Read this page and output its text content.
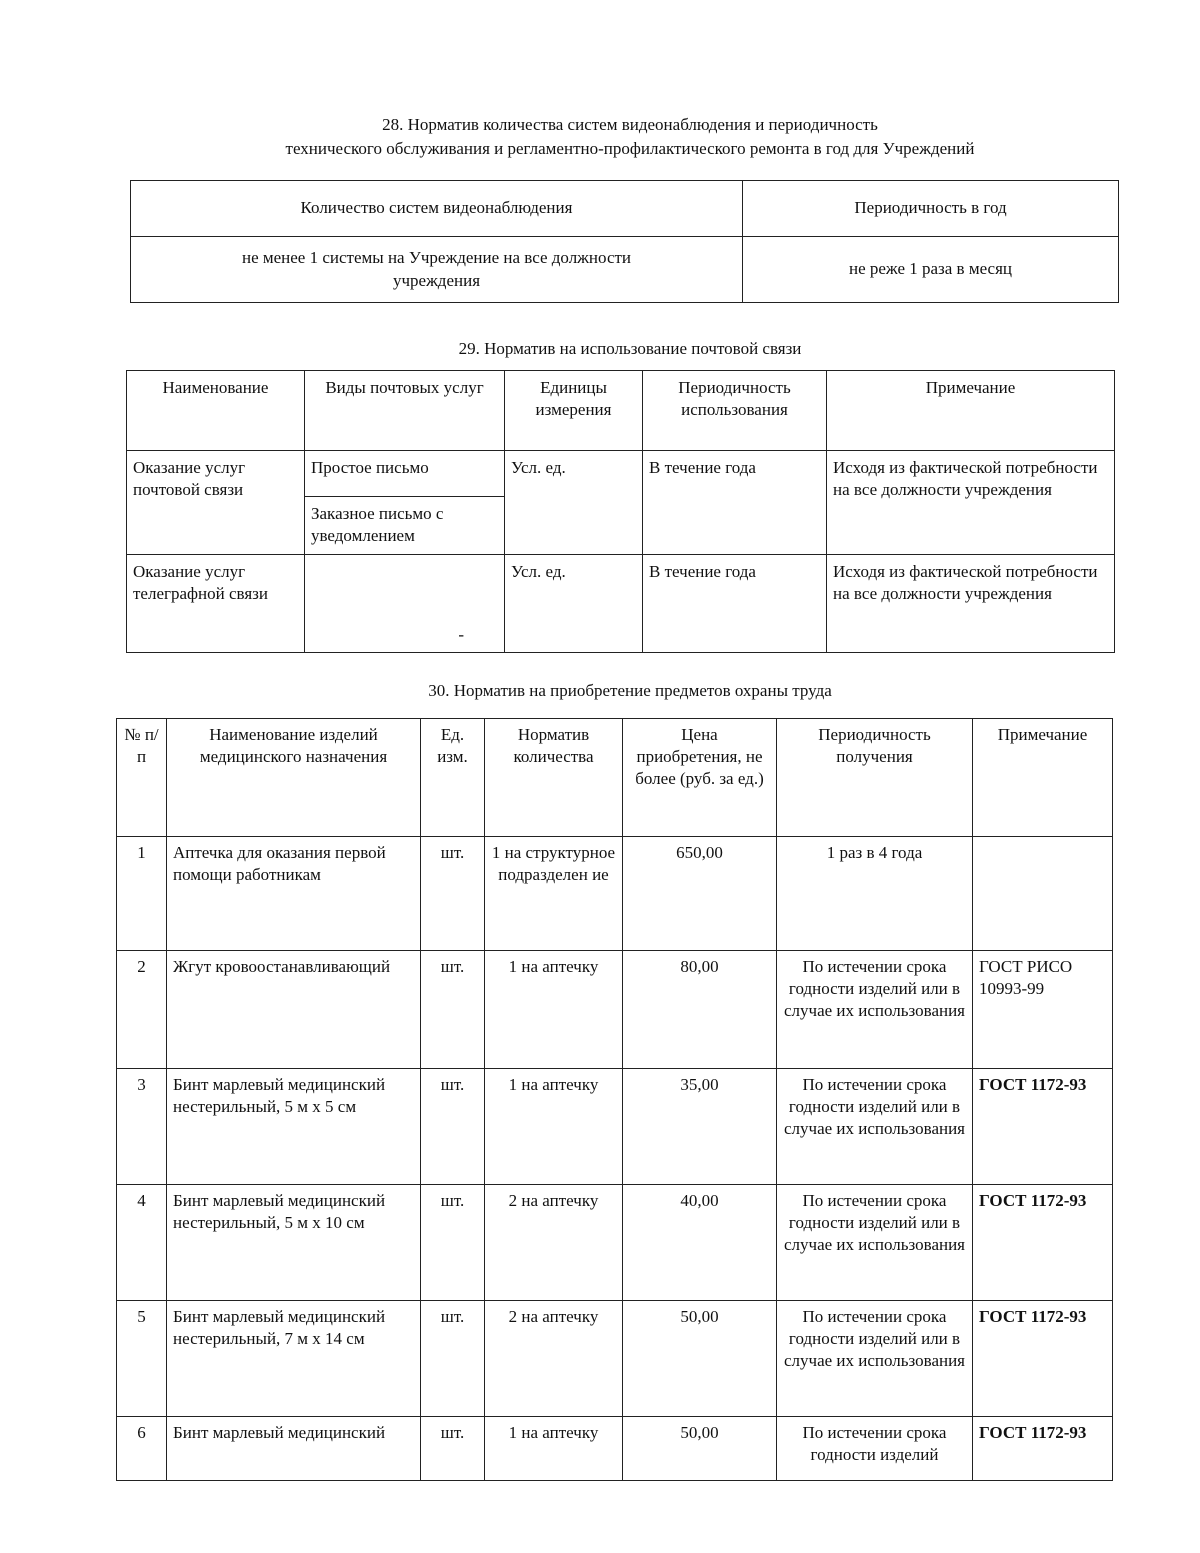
28. Норматив количества систем видеонаблюдения и периодичность
технического обслуживания и регламентно-профилактического ремонта в год для Учреждений
Количество систем видеонаблюдения	Периодичность в год
не менее 1 системы на Учреждение на все должности учреждения	не реже 1 раза в месяц
29. Норматив на использование почтовой связи
Наименование	Виды почтовых услуг	Единицы измерения	Периодичность использования	Примечание
Оказание услуг почтовой связи	Простое письмо	Усл. ед.	В течение года	Исходя из фактической потребности на все должности учреждения
	Заказное письмо с уведомлением			
Оказание услуг телеграфной связи	-	Усл. ед.	В течение года	Исходя из фактической потребности на все должности учреждения
30. Норматив на приобретение предметов охраны труда
№ п/п	Наименование изделий медицинского назначения	Ед. изм.	Норматив количества	Цена приобретения, не более (руб. за ед.)	Периодичность получения	Примечание
1	Аптечка для оказания первой помощи работникам	шт.	1 на структурное подразделен ие	650,00	1 раз в 4 года	
2	Жгут кровоостанавливающий	шт.	1 на аптечку	80,00	По истечении срока годности изделий или в случае их использования	ГОСТ РИСО 10993-99
3	Бинт марлевый медицинский нестерильный, 5 м х 5 см	шт.	1 на аптечку	35,00	По истечении срока годности изделий или в случае их использования	ГОСТ 1172-93
4	Бинт марлевый медицинский нестерильный, 5 м х 10 см	шт.	2 на аптечку	40,00	По истечении срока годности изделий или в случае их использования	ГОСТ 1172-93
5	Бинт марлевый медицинский нестерильный, 7 м х 14 см	шт.	2 на аптечку	50,00	По истечении срока годности изделий или в случае их использования	ГОСТ 1172-93
6	Бинт марлевый медицинский	шт.	1 на аптечку	50,00	По истечении срока годности изделий	ГОСТ 1172-93
